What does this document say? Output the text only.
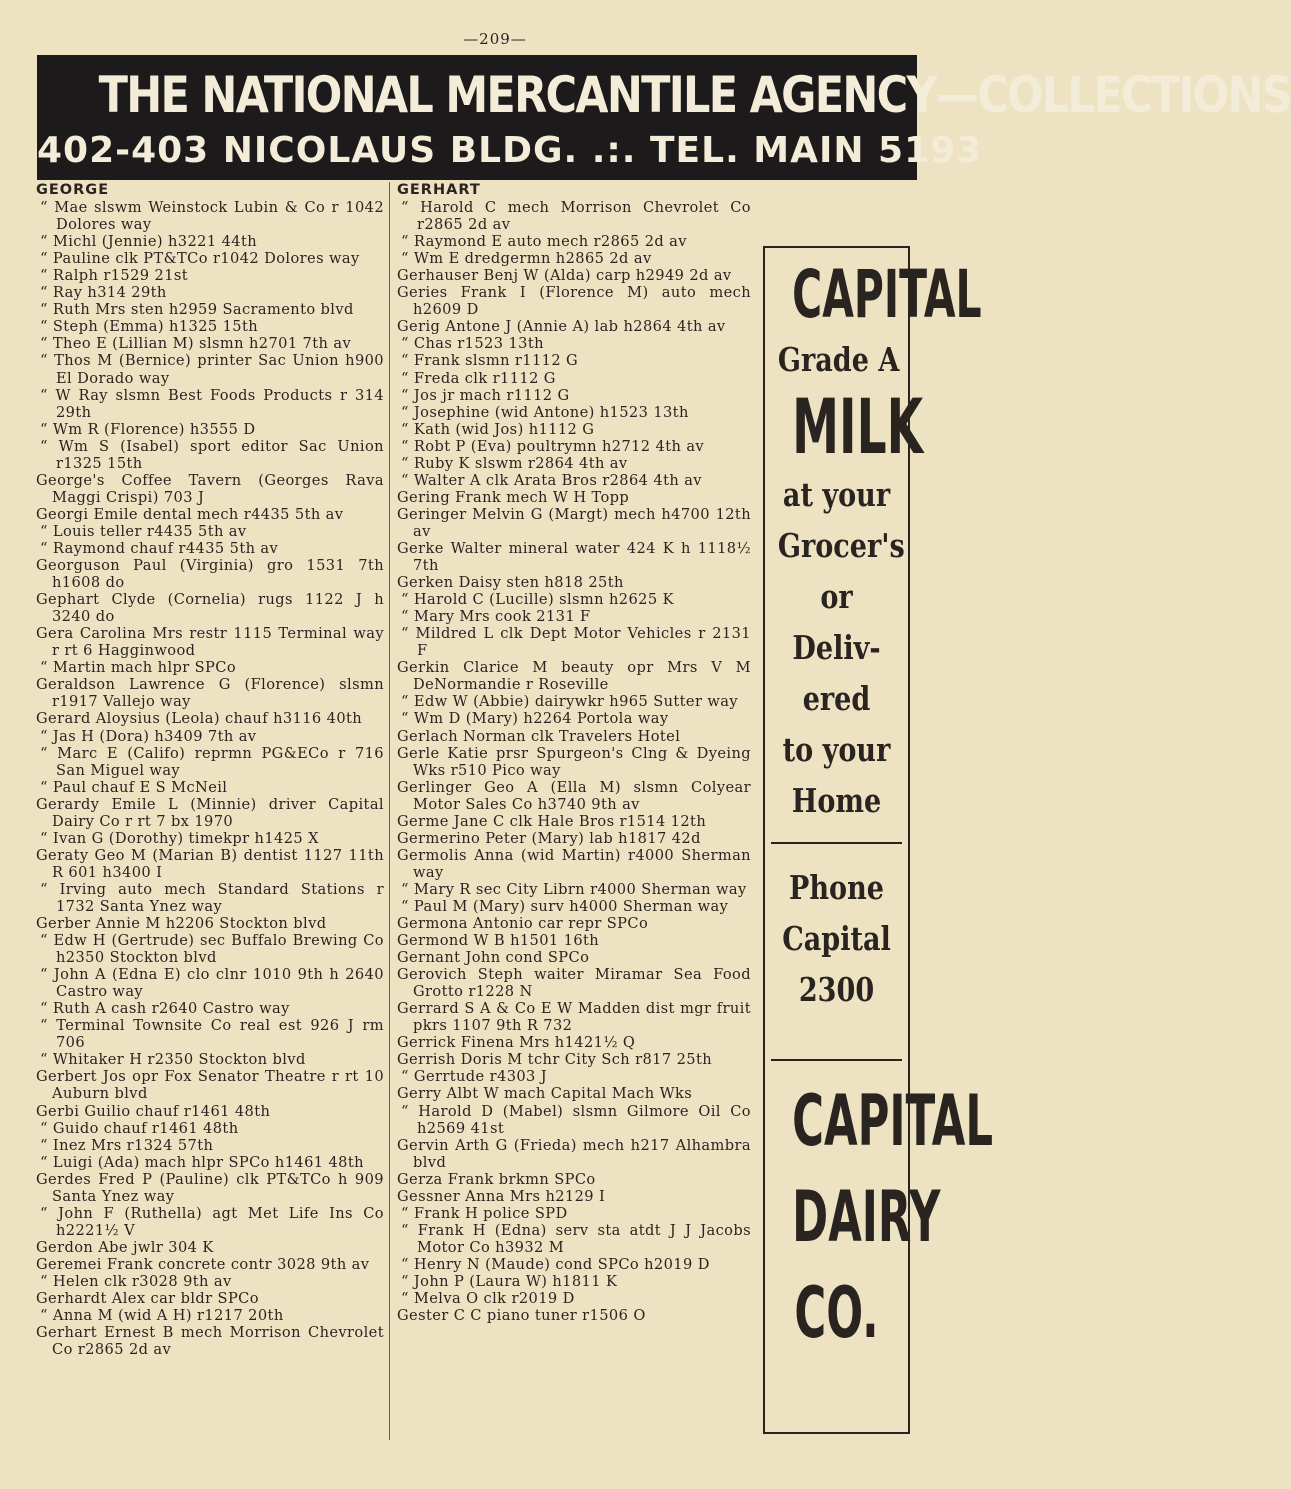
—209—
THE NATIONAL MERCANTILE AGENCY—COLLECTIONS
402-403 NICOLAUS BLDG. .:. TEL. MAIN 5193
GEORGE
“ Mae slswm Weinstock Lubin & Co r 1042 Dolores way
“ Michl (Jennie) h3221 44th
“ Pauline clk PT&TCo r1042 Dolores way
“ Ralph r1529 21st
“ Ray h314 29th
“ Ruth Mrs sten h2959 Sacramento blvd
“ Steph (Emma) h1325 15th
“ Theo E (Lillian M) slsmn h2701 7th av
“ Thos M (Bernice) printer Sac Union h900 El Dorado way
“ W Ray slsmn Best Foods Products r 314 29th
“ Wm R (Florence) h3555 D
“ Wm S (Isabel) sport editor Sac Union r1325 15th
George's Coffee Tavern (Georges Rava Maggi Crispi) 703 J
Georgi Emile dental mech r4435 5th av
“ Louis teller r4435 5th av
“ Raymond chauf r4435 5th av
Georguson Paul (Virginia) gro 1531 7th h1608 do
Gephart Clyde (Cornelia) rugs 1122 J h 3240 do
Gera Carolina Mrs restr 1115 Terminal way r rt 6 Hagginwood
“ Martin mach hlpr SPCo
Geraldson Lawrence G (Florence) slsmn r1917 Vallejo way
Gerard Aloysius (Leola) chauf h3116 40th
“ Jas H (Dora) h3409 7th av
“ Marc E (Califo) reprmn PG&ECo r 716 San Miguel way
“ Paul chauf E S McNeil
Gerardy Emile L (Minnie) driver Capital Dairy Co r rt 7 bx 1970
“ Ivan G (Dorothy) timekpr h1425 X
Geraty Geo M (Marian B) dentist 1127 11th R 601 h3400 I
“ Irving auto mech Standard Stations r 1732 Santa Ynez way
Gerber Annie M h2206 Stockton blvd
“ Edw H (Gertrude) sec Buffalo Brewing Co h2350 Stockton blvd
“ John A (Edna E) clo clnr 1010 9th h 2640 Castro way
“ Ruth A cash r2640 Castro way
“ Terminal Townsite Co real est 926 J rm 706
“ Whitaker H r2350 Stockton blvd
Gerbert Jos opr Fox Senator Theatre r rt 10 Auburn blvd
Gerbi Guilio chauf r1461 48th
“ Guido chauf r1461 48th
“ Inez Mrs r1324 57th
“ Luigi (Ada) mach hlpr SPCo h1461 48th
Gerdes Fred P (Pauline) clk PT&TCo h 909 Santa Ynez way
“ John F (Ruthella) agt Met Life Ins Co h2221½ V
Gerdon Abe jwlr 304 K
Geremei Frank concrete contr 3028 9th av
“ Helen clk r3028 9th av
Gerhardt Alex car bldr SPCo
“ Anna M (wid A H) r1217 20th
Gerhart Ernest B mech Morrison Chevrolet Co r2865 2d av
GERHART
“ Harold C mech Morrison Chevrolet Co r2865 2d av
“ Raymond E auto mech r2865 2d av
“ Wm E dredgermn h2865 2d av
Gerhauser Benj W (Alda) carp h2949 2d av
Geries Frank I (Florence M) auto mech h2609 D
Gerig Antone J (Annie A) lab h2864 4th av
“ Chas r1523 13th
“ Frank slsmn r1112 G
“ Freda clk r1112 G
“ Jos jr mach r1112 G
“ Josephine (wid Antone) h1523 13th
“ Kath (wid Jos) h1112 G
“ Robt P (Eva) poultrymn h2712 4th av
“ Ruby K slswm r2864 4th av
“ Walter A clk Arata Bros r2864 4th av
Gering Frank mech W H Topp
Geringer Melvin G (Margt) mech h4700 12th av
Gerke Walter mineral water 424 K h 1118½ 7th
Gerken Daisy sten h818 25th
“ Harold C (Lucille) slsmn h2625 K
“ Mary Mrs cook 2131 F
“ Mildred L clk Dept Motor Vehicles r 2131 F
Gerkin Clarice M beauty opr Mrs V M DeNormandie r Roseville
“ Edw W (Abbie) dairywkr h965 Sutter way
“ Wm D (Mary) h2264 Portola way
Gerlach Norman clk Travelers Hotel
Gerle Katie prsr Spurgeon's Clng & Dyeing Wks r510 Pico way
Gerlinger Geo A (Ella M) slsmn Colyear Motor Sales Co h3740 9th av
Germe Jane C clk Hale Bros r1514 12th
Germerino Peter (Mary) lab h1817 42d
Germolis Anna (wid Martin) r4000 Sherman way
“ Mary R sec City Librn r4000 Sherman way
“ Paul M (Mary) surv h4000 Sherman way
Germona Antonio car repr SPCo
Germond W B h1501 16th
Gernant John cond SPCo
Gerovich Steph waiter Miramar Sea Food Grotto r1228 N
Gerrard S A & Co E W Madden dist mgr fruit pkrs 1107 9th R 732
Gerrick Finena Mrs h1421½ Q
Gerrish Doris M tchr City Sch r817 25th
“ Gerrtude r4303 J
Gerry Albt W mach Capital Mach Wks
“ Harold D (Mabel) slsmn Gilmore Oil Co h2569 41st
Gervin Arth G (Frieda) mech h217 Alhambra blvd
Gerza Frank brkmn SPCo
Gessner Anna Mrs h2129 I
“ Frank H police SPD
“ Frank H (Edna) serv sta atdt J J Jacobs Motor Co h3932 M
“ Henry N (Maude) cond SPCo h2019 D
“ John P (Laura W) h1811 K
“ Melva O clk r2019 D
Gester C C piano tuner r1506 O
CAPITAL
Grade A
MILK
at your
Grocer's
or
Deliv-
ered
to your
Home
Phone
Capital
2300
CAPITAL
DAIRY
CO.
